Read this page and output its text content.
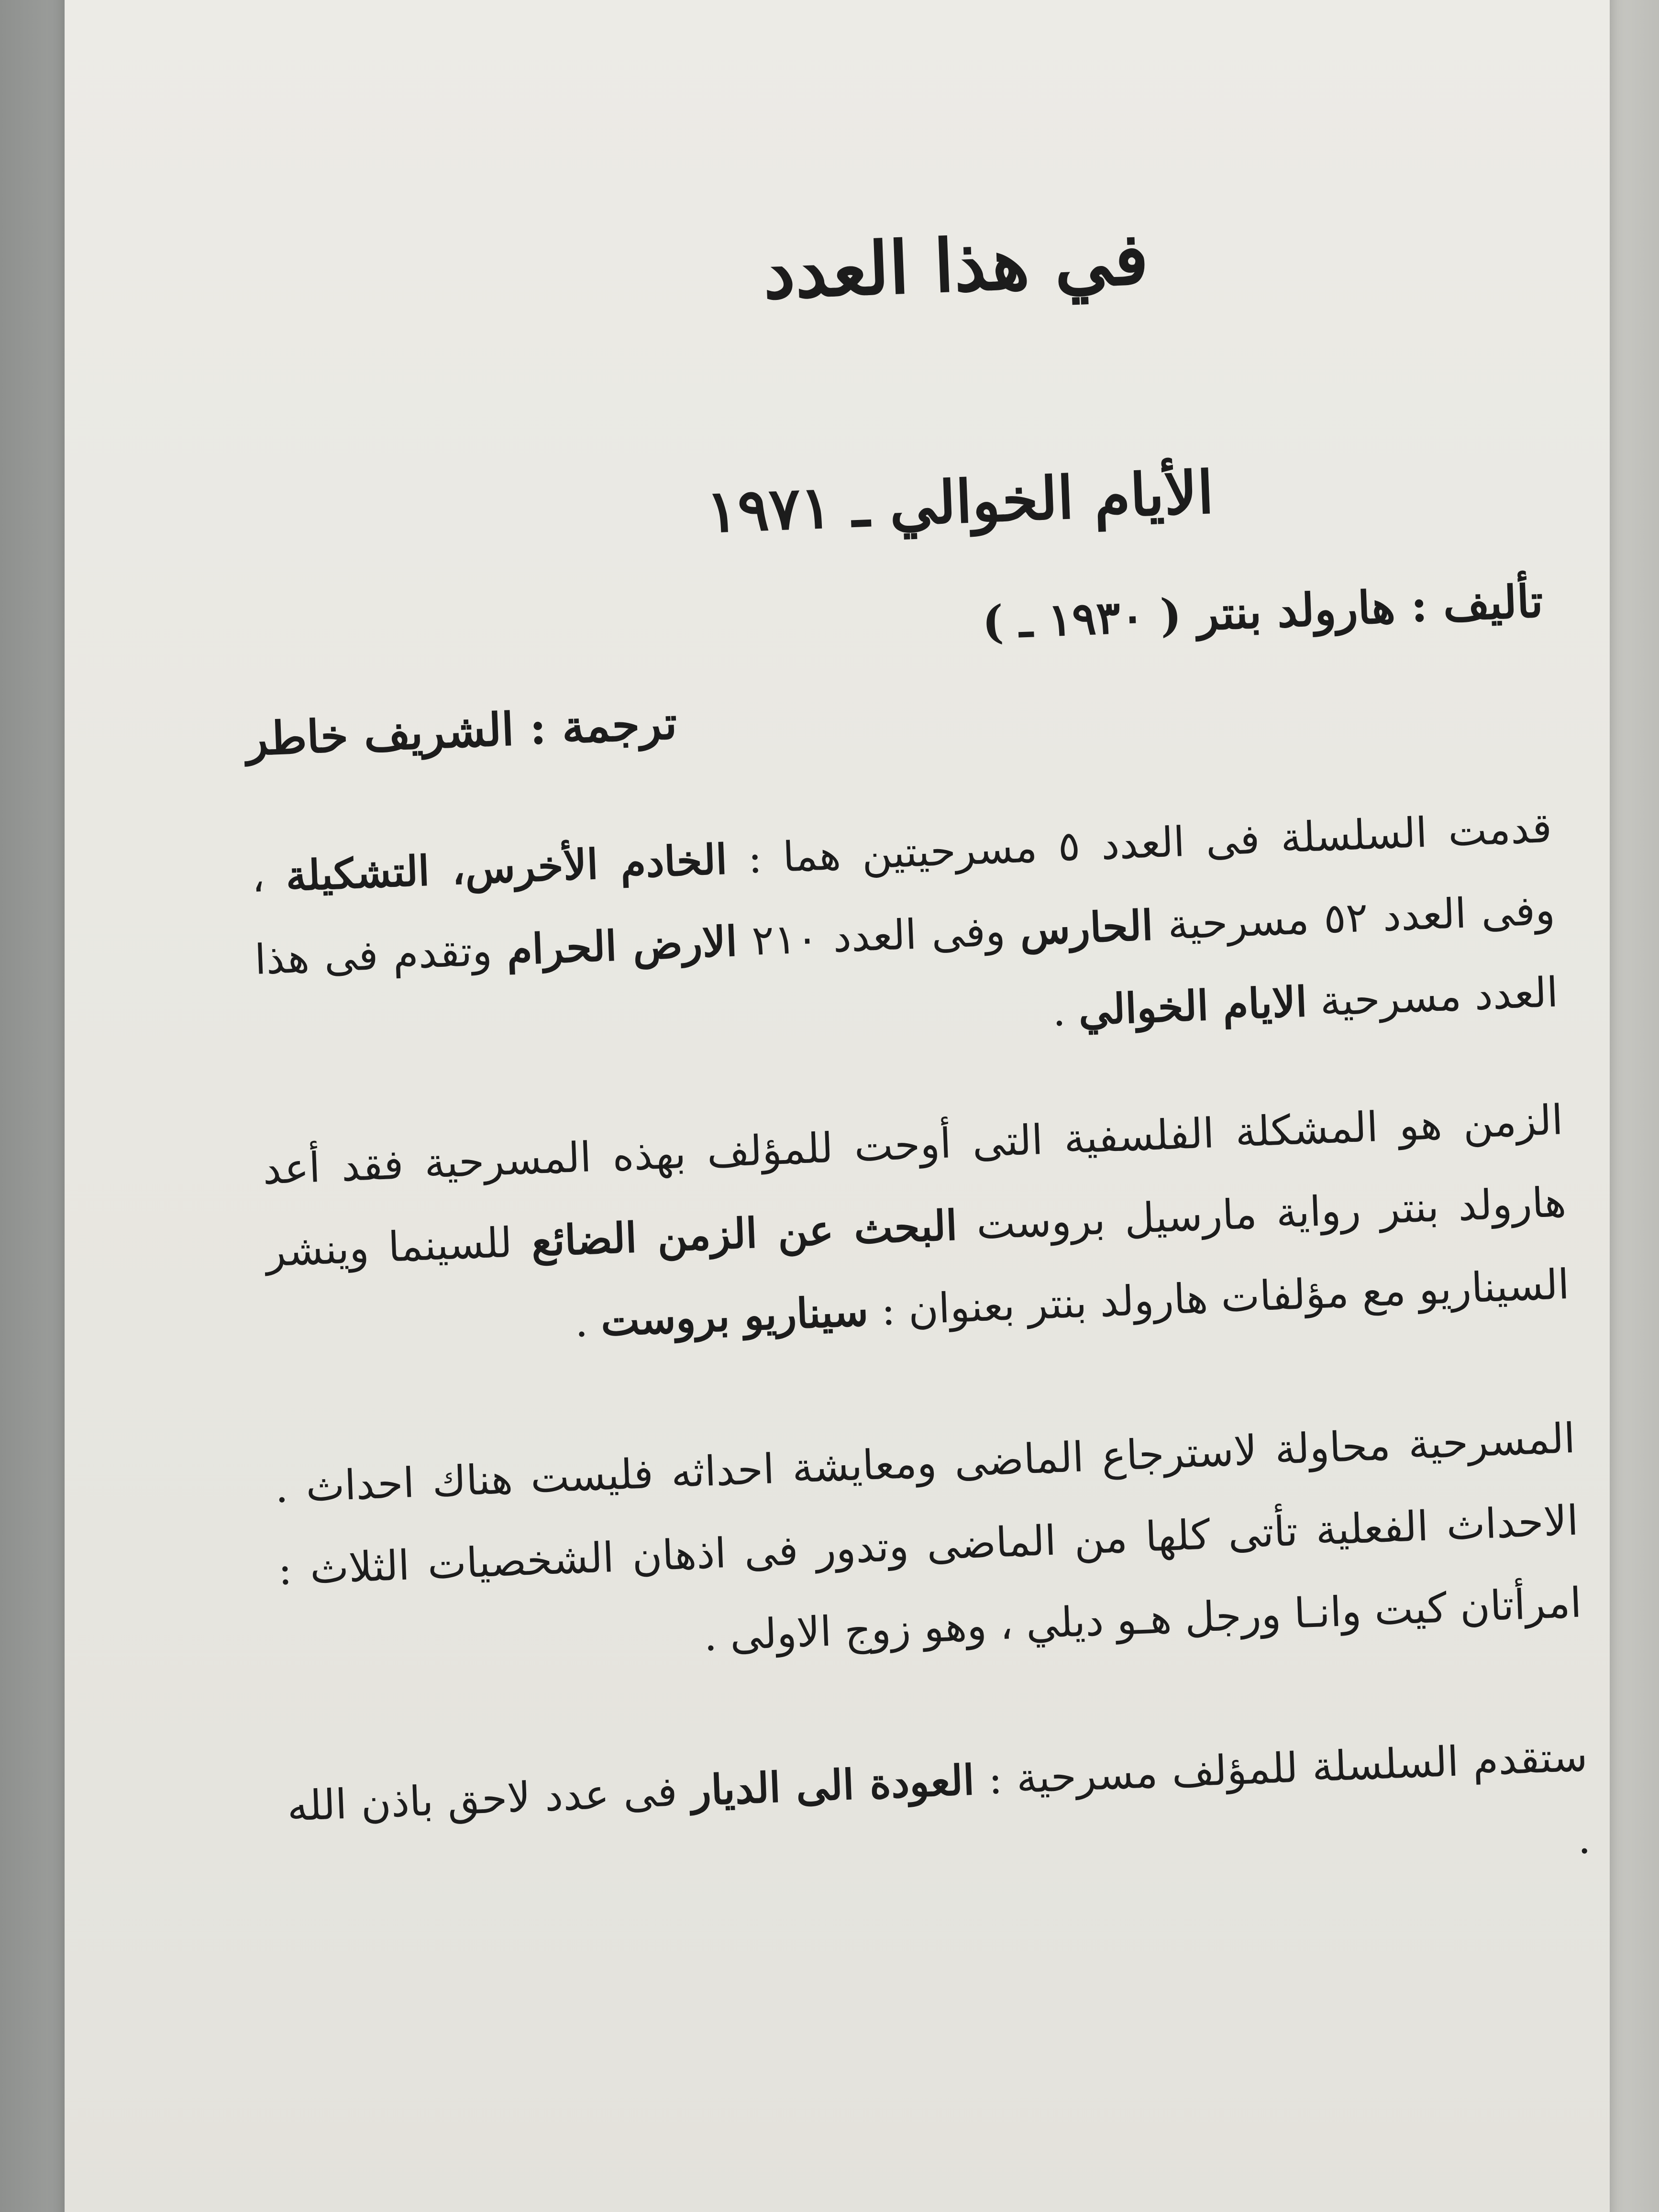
في هذا العدد
الأيام الخوالي ـ ١٩٧١
تأليف : هارولد بنتر ( ١٩٣٠ ـ )
ترجمة : الشريف خاطر

قدمت السلسلة فى العدد ٥ مسرحيتين هما : الخادم الأخرس، التشكيلة ، وفى العدد ٥٢ مسرحية الحارس وفى العدد ٢١٠ الارض الحرام وتقدم فى هذا العدد مسرحية الايام الخوالي .

الزمن هو المشكلة الفلسفية التى أوحت للمؤلف بهذه المسرحية فقد أعد هارولد بنتر رواية مارسيل بروست البحث عن الزمن الضائع للسينما وينشر السيناريو مع مؤلفات هارولد بنتر بعنوان : سيناريو بروست .

المسرحية محاولة لاسترجاع الماضى ومعايشة احداثه فليست هناك احداث . الاحداث الفعلية تأتى كلها من الماضى وتدور فى اذهان الشخصيات الثلاث : امرأتان كيت وانـا ورجل هـو ديلي ، وهو زوج الاولى .

ستقدم السلسلة للمؤلف مسرحية : العودة الى الديار فى عدد لاحق باذن الله .
